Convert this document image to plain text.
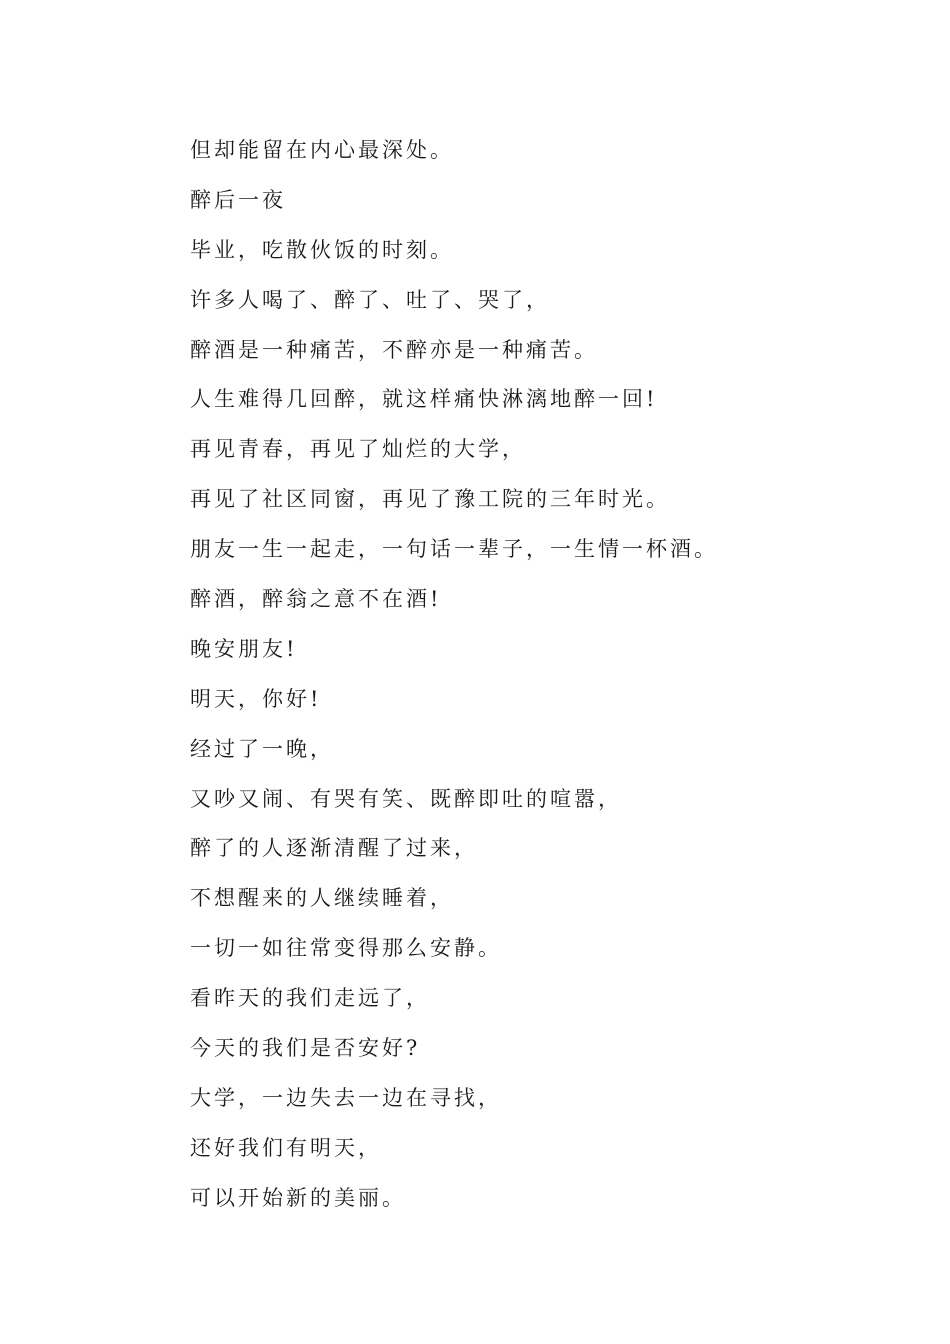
但却能留在内心最深处。
醉后一夜
毕业，吃散伙饭的时刻。
许多人喝了、醉了、吐了、哭了，
醉酒是一种痛苦，不醉亦是一种痛苦。
人生难得几回醉，就这样痛快淋漓地醉一回!
再见青春，再见了灿烂的大学，
再见了社区同窗，再见了豫工院的三年时光。
朋友一生一起走，一句话一辈子，一生情一杯酒。
醉酒，醉翁之意不在酒!
晚安朋友!
明天，你好!
经过了一晚，
又吵又闹、有哭有笑、既醉即吐的喧嚣，
醉了的人逐渐清醒了过来，
不想醒来的人继续睡着，
一切一如往常变得那么安静。
看昨天的我们走远了，
今天的我们是否安好?
大学，一边失去一边在寻找，
还好我们有明天，
可以开始新的美丽。
